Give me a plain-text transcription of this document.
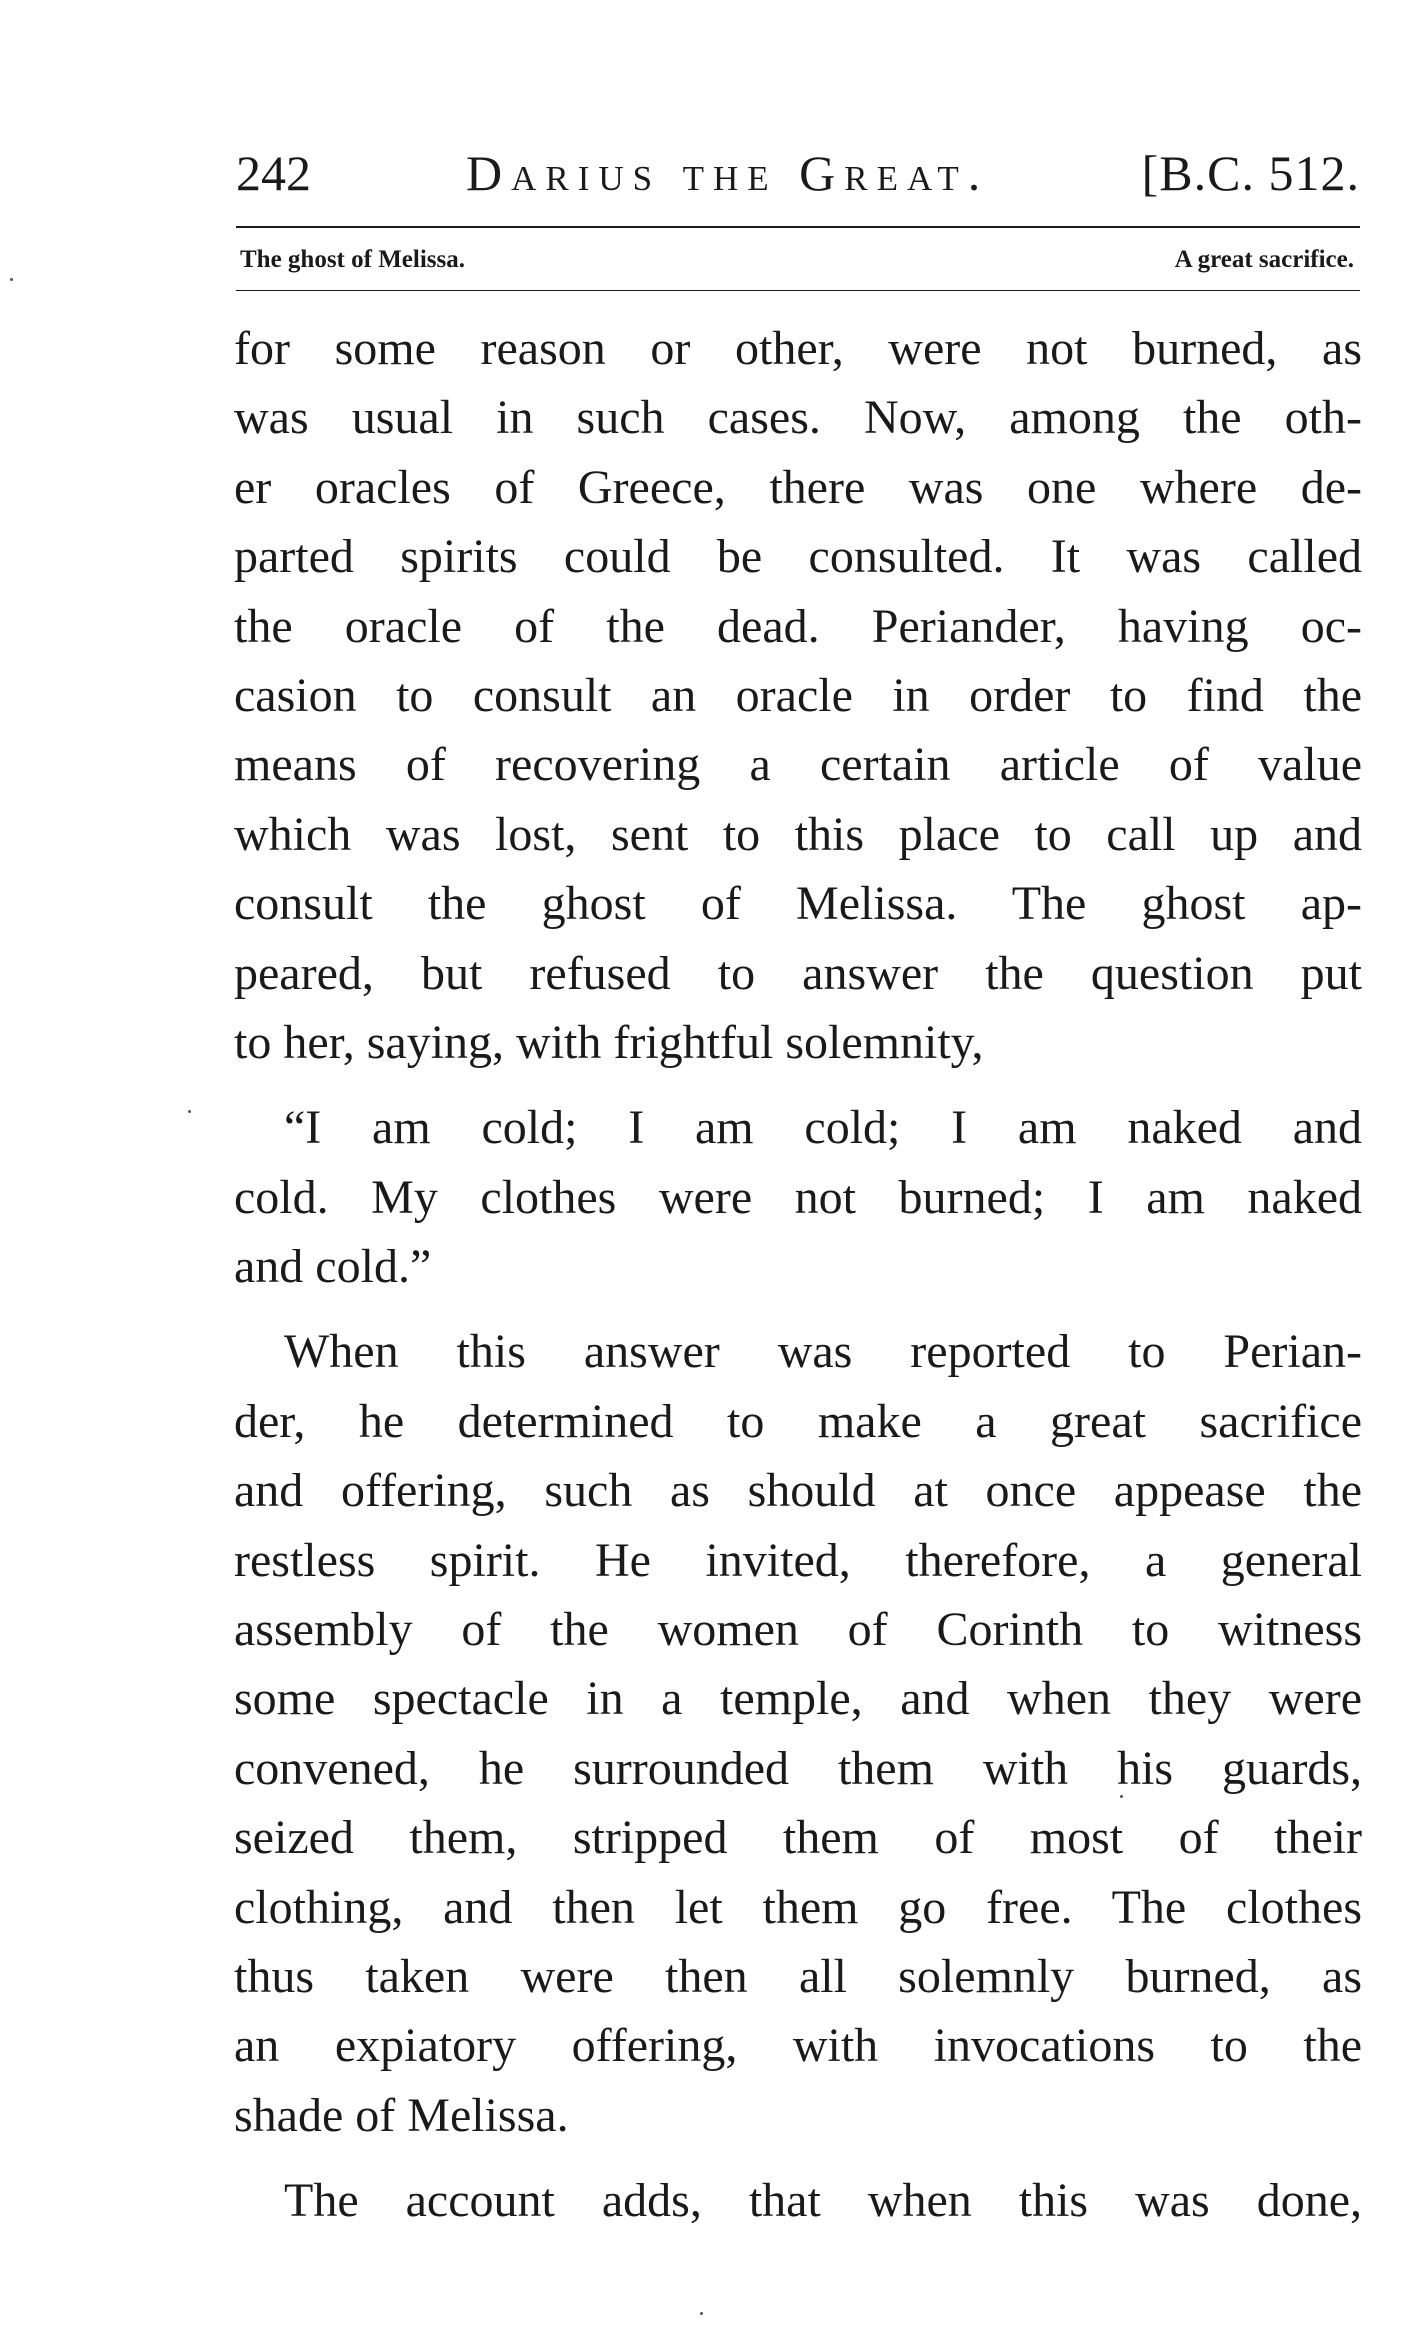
242	Darius the Great.	[B.C. 512.
The ghost of Melissa.	A great sacrifice.
for some reason or other, were not burned, as
was usual in such cases. Now, among the oth-
er oracles of Greece, there was one where de-
parted spirits could be consulted. It was called
the oracle of the dead. Periander, having oc-
casion to consult an oracle in order to find the
means of recovering a certain article of value
which was lost, sent to this place to call up and
consult the ghost of Melissa. The ghost ap-
peared, but refused to answer the question put
to her, saying, with frightful solemnity,
“I am cold; I am cold; I am naked and
cold. My clothes were not burned; I am naked
and cold.”
When this answer was reported to Perian-
der, he determined to make a great sacrifice
and offering, such as should at once appease the
restless spirit. He invited, therefore, a general
assembly of the women of Corinth to witness
some spectacle in a temple, and when they were
convened, he surrounded them with his guards,
seized them, stripped them of most of their
clothing, and then let them go free. The clothes
thus taken were then all solemnly burned, as
an expiatory offering, with invocations to the
shade of Melissa.
The account adds, that when this was done,
